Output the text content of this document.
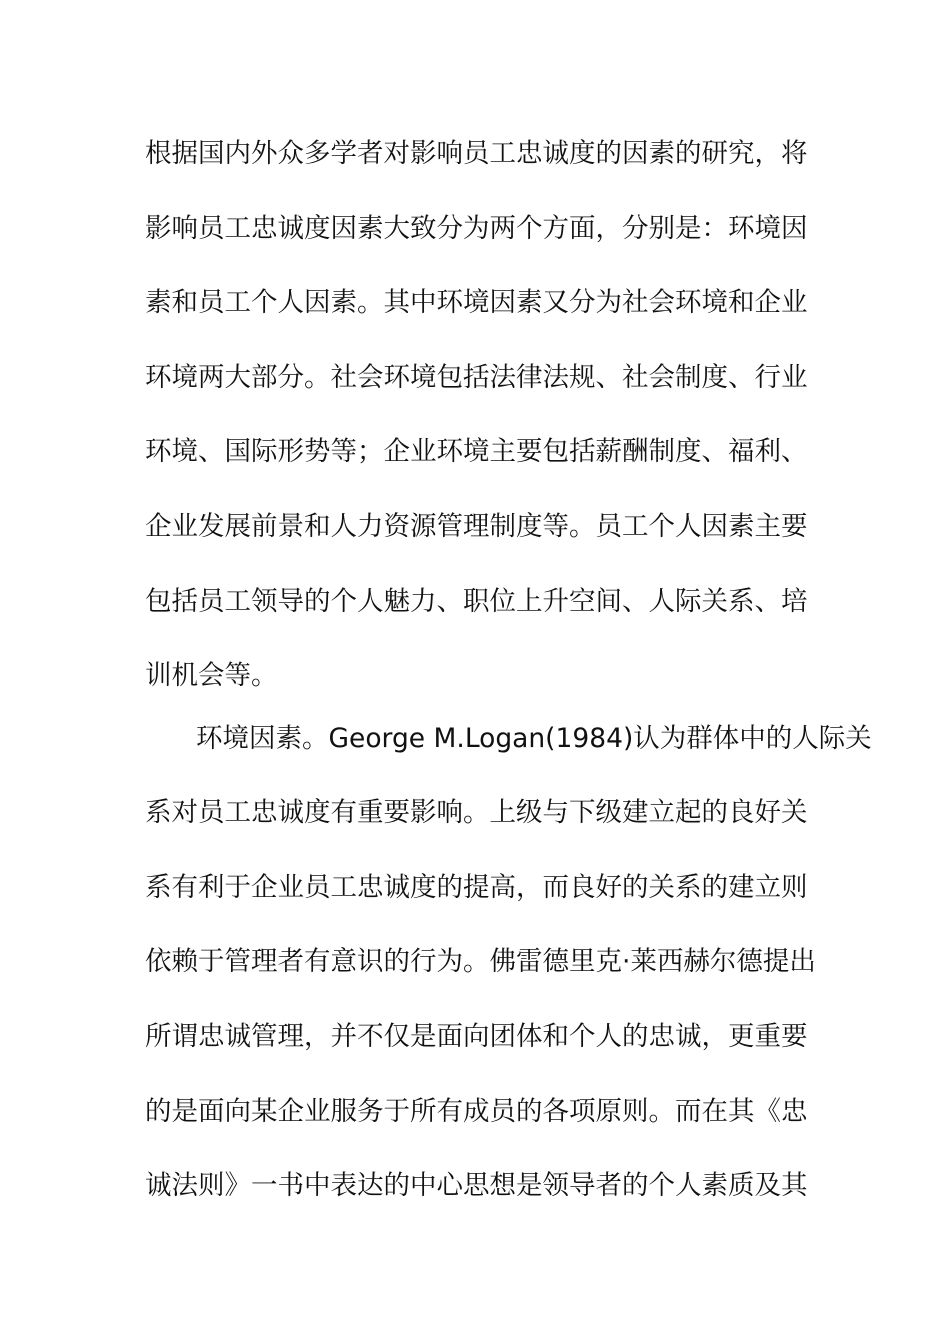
根据国内外众多学者对影响员工忠诚度的因素的研究，将
影响员工忠诚度因素大致分为两个方面，分别是：环境因
素和员工个人因素。其中环境因素又分为社会环境和企业
环境两大部分。社会环境包括法律法规、社会制度、行业
环境、国际形势等；企业环境主要包括薪酬制度、福利、
企业发展前景和人力资源管理制度等。员工个人因素主要
包括员工领导的个人魅力、职位上升空间、人际关系、培
训机会等。
环境因素。George M.Logan(1984)认为群体中的人际关
系对员工忠诚度有重要影响。上级与下级建立起的良好关
系有利于企业员工忠诚度的提高，而良好的关系的建立则
依赖于管理者有意识的行为。佛雷德里克·莱西赫尔德提出
所谓忠诚管理，并不仅是面向团体和个人的忠诚，更重要
的是面向某企业服务于所有成员的各项原则。而在其《忠
诚法则》一书中表达的中心思想是领导者的个人素质及其
